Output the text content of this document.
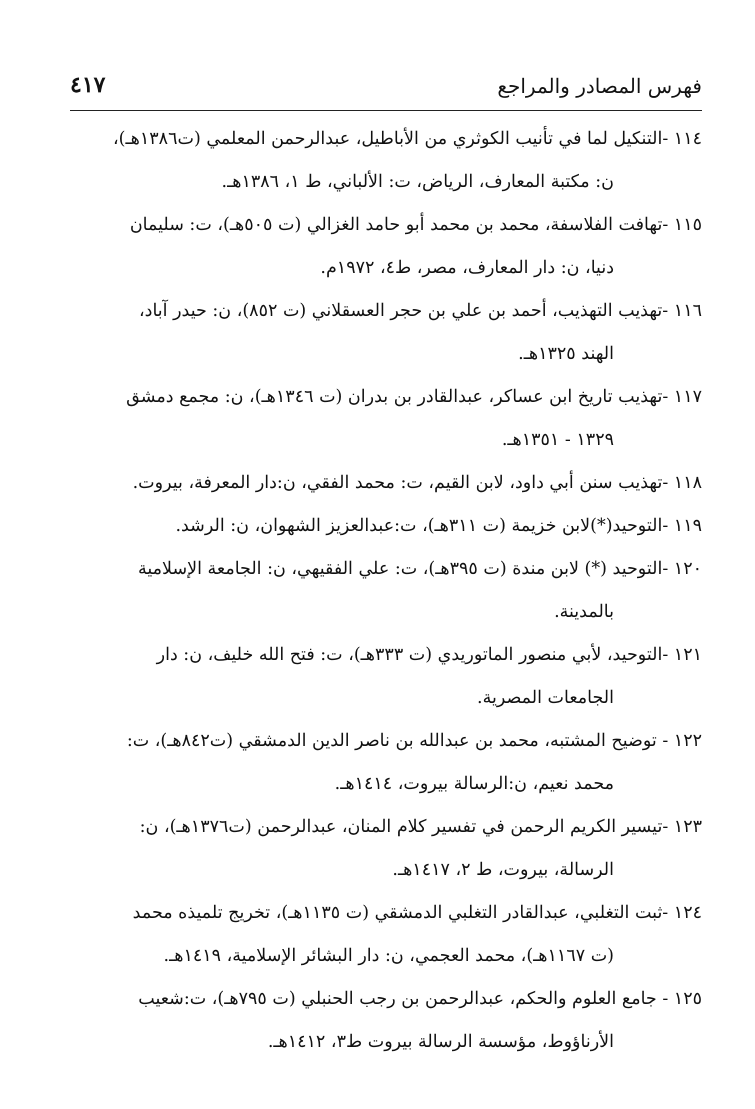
فهرس المصادر والمراجع
٤١٧

١١٤ -التنكيل لما في تأنيب الكوثري من الأباطيل، عبدالرحمن المعلمي (ت١٣٨٦هـ)،
ن: مكتبة المعارف، الرياض، ت: الألباني، ط ١، ١٣٨٦هـ.

١١٥ -تهافت الفلاسفة، محمد بن محمد أبو حامد الغزالي (ت ٥٠٥هـ)، ت: سليمان
دنيا، ن: دار المعارف، مصر، ط٤، ١٩٧٢م.

١١٦ -تهذيب التهذيب، أحمد بن علي بن حجر العسقلاني (ت ٨٥٢)، ن: حيدر آباد،
الهند ١٣٢٥هـ.

١١٧ -تهذيب تاريخ ابن عساكر، عبدالقادر بن بدران (ت ١٣٤٦هـ)، ن: مجمع دمشق
١٣٢٩ - ١٣٥١هـ.

١١٨ -تهذيب سنن أبي داود، لابن القيم، ت: محمد الفقي، ن:دار المعرفة، بيروت.

١١٩ -التوحيد(*)لابن خزيمة (ت ٣١١هـ)، ت:عبدالعزيز الشهوان، ن: الرشد.

١٢٠ -التوحيد (*) لابن مندة (ت ٣٩٥هـ)، ت: علي الفقيهي، ن: الجامعة الإسلامية
بالمدينة.

١٢١ -التوحيد، لأبي منصور الماتوريدي (ت ٣٣٣هـ)، ت: فتح الله خليف، ن: دار
الجامعات المصرية.

١٢٢ - توضيح المشتبه، محمد بن عبدالله بن ناصر الدين الدمشقي (ت٨٤٢هـ)، ت:
محمد نعيم، ن:الرسالة بيروت، ١٤١٤هـ.

١٢٣ -تيسير الكريم الرحمن في تفسير كلام المنان، عبدالرحمن (ت١٣٧٦هـ)، ن:
الرسالة، بيروت، ط ٢، ١٤١٧هـ.

١٢٤ -ثبت التغلبي، عبدالقادر التغلبي الدمشقي (ت ١١٣٥هـ)، تخريج تلميذه محمد
(ت ١١٦٧هـ)، محمد العجمي، ن: دار البشائر الإسلامية، ١٤١٩هـ.

١٢٥ - جامع العلوم والحكم، عبدالرحمن بن رجب الحنبلي (ت ٧٩٥هـ)، ت:شعيب
الأرناؤوط، مؤسسة الرسالة بيروت ط٣، ١٤١٢هـ.
